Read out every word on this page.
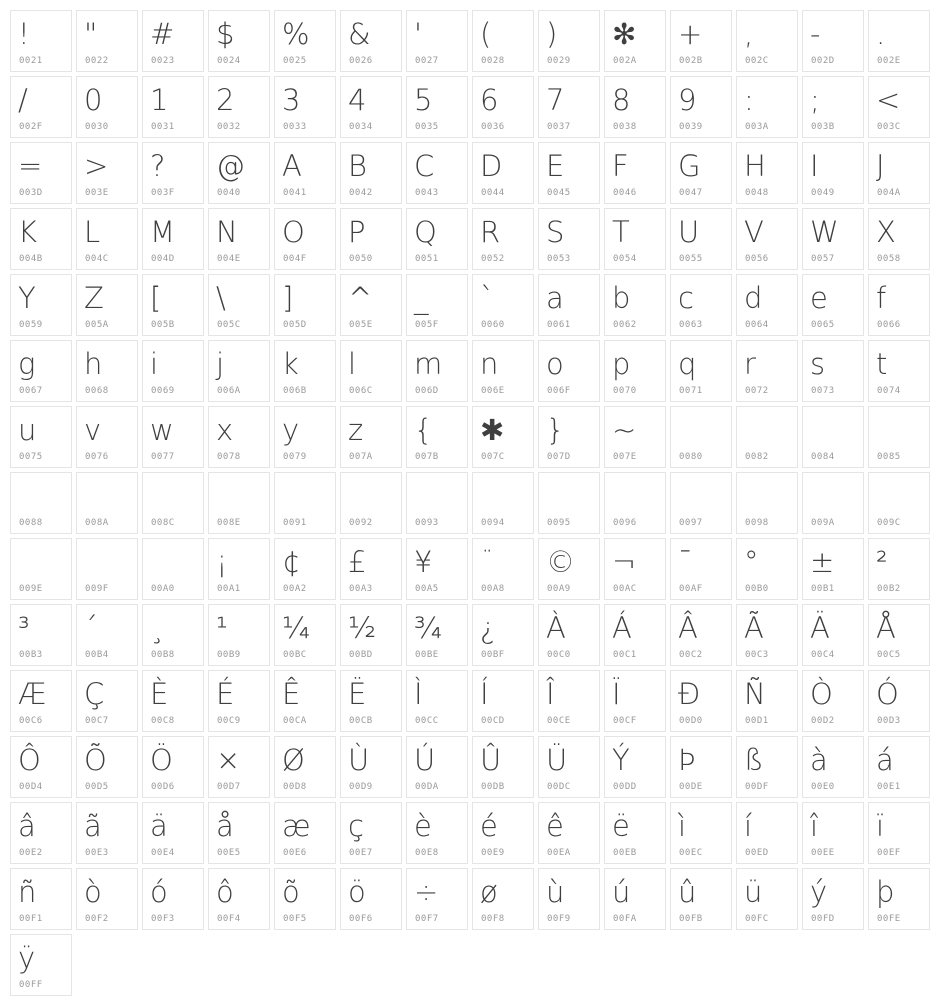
!
0021
"
0022
#
0023
$
0024
%
0025
&
0026
'
0027
(
0028
)
0029
✻
002A
+
002B
,
002C
-
002D
.
002E
/
002F
0
0030
1
0031
2
0032
3
0033
4
0034
5
0035
6
0036
7
0037
8
0038
9
0039
:
003A
;
003B
<
003C
=
003D
>
003E
?
003F
@
0040
A
0041
B
0042
C
0043
D
0044
E
0045
F
0046
G
0047
H
0048
I
0049
J
004A
K
004B
L
004C
M
004D
N
004E
O
004F
P
0050
Q
0051
R
0052
S
0053
T
0054
U
0055
V
0056
W
0057
X
0058
Y
0059
Z
005A
[
005B
\
005C
]
005D
^
005E
_
005F
`
0060
a
0061
b
0062
c
0063
d
0064
e
0065
f
0066
g
0067
h
0068
i
0069
j
006A
k
006B
l
006C
m
006D
n
006E
o
006F
p
0070
q
0071
r
0072
s
0073
t
0074
u
0075
v
0076
w
0077
x
0078
y
0079
z
007A
{
007B
✱
007C
}
007D
~
007E	0080	0082	0084	0085
0088	008A	008C	008E	0091	0092	0093	0094	0095	0096	0097	0098	009A	009C
009E	009F	00A0
¡
00A1
¢
00A2
£
00A3
¥
00A5
¨
00A8
©
00A9
¬
00AC
¯
00AF
°
00B0
±
00B1
²
00B2
³
00B3
´
00B4
¸
00B8
¹
00B9
¼
00BC
½
00BD
¾
00BE
¿
00BF
À
00C0
Á
00C1
Â
00C2
Ã
00C3
Ä
00C4
Å
00C5
Æ
00C6
Ç
00C7
È
00C8
É
00C9
Ê
00CA
Ë
00CB
Ì
00CC
Í
00CD
Î
00CE
Ï
00CF
Ð
00D0
Ñ
00D1
Ò
00D2
Ó
00D3
Ô
00D4
Õ
00D5
Ö
00D6
×
00D7
Ø
00D8
Ù
00D9
Ú
00DA
Û
00DB
Ü
00DC
Ý
00DD
Þ
00DE
ß
00DF
à
00E0
á
00E1
â
00E2
ã
00E3
ä
00E4
å
00E5
æ
00E6
ç
00E7
è
00E8
é
00E9
ê
00EA
ë
00EB
ì
00EC
í
00ED
î
00EE
ï
00EF
ñ
00F1
ò
00F2
ó
00F3
ô
00F4
õ
00F5
ö
00F6
÷
00F7
ø
00F8
ù
00F9
ú
00FA
û
00FB
ü
00FC
ý
00FD
þ
00FE
ÿ
00FF
